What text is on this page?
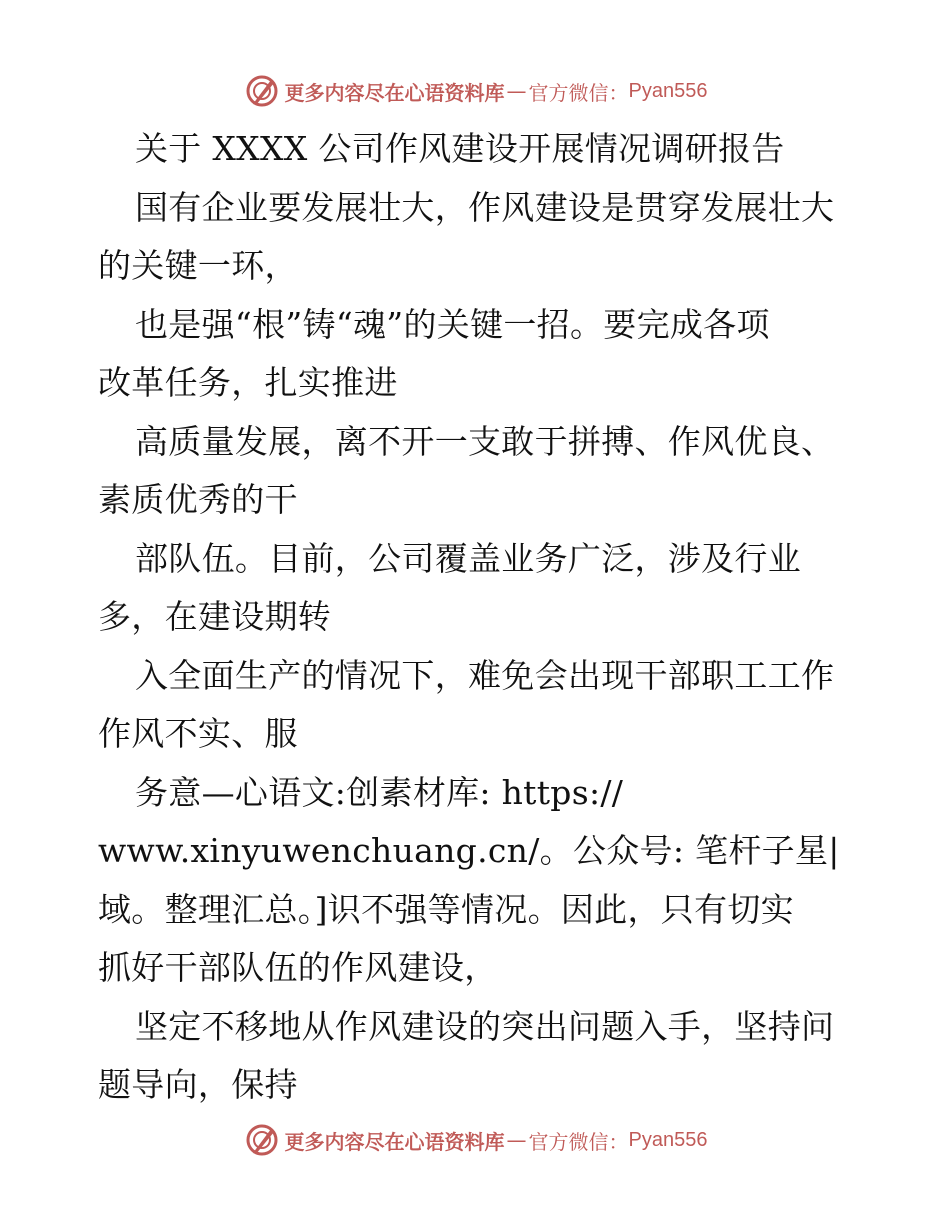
更多内容尽在心语资料库 — 官方微信： Pyan556
关于 XXXX 公司作风建设开展情况调研报告
国有企业要发展壮大，作风建设是贯穿发展壮大
的关键一环，
也是强“根”铸“魂”的关键一招。要完成各项
改革任务，扎实推进
高质量发展，离不开一支敢于拼搏、作风优良、
素质优秀的干
部队伍。目前，公司覆盖业务广泛，涉及行业
多，在建设期转
入全面生产的情况下，难免会出现干部职工工作
作风不实、服
务意—心语文:创素材库: https://
www.xinyuwenchuang.cn/。公众号: 笔杆子星|
域。整理汇总。]识不强等情况。因此，只有切实
抓好干部队伍的作风建设，
坚定不移地从作风建设的突出问题入手，坚持问
题导向，保持
更多内容尽在心语资料库 — 官方微信： Pyan556
